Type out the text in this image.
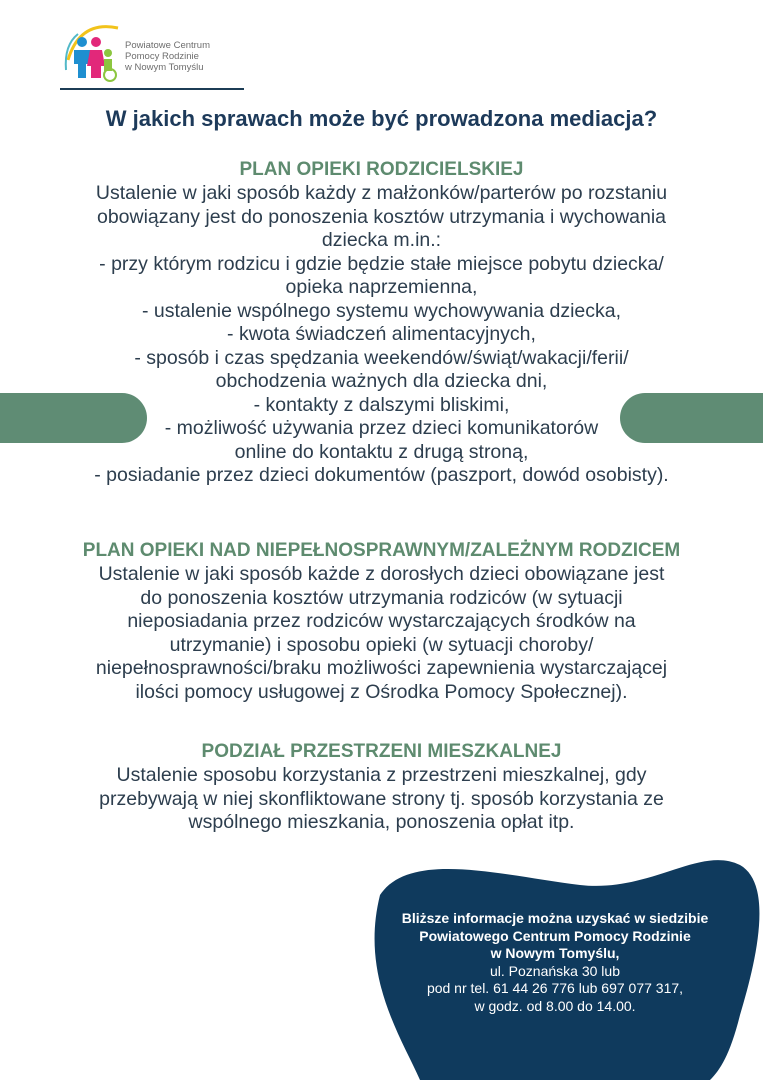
Powiatowe Centrum
Pomocy Rodzinie
w Nowym Tomyślu
W jakich sprawach może być prowadzona mediacja?
PLAN OPIEKI RODZICIELSKIEJ
Ustalenie w jaki sposób każdy z małżonków/parterów po rozstaniu
obowiązany jest do ponoszenia kosztów utrzymania i wychowania
dziecka m.in.:
- przy którym rodzicu i gdzie będzie stałe miejsce pobytu dziecka/
opieka naprzemienna,
- ustalenie wspólnego systemu wychowywania dziecka,
- kwota świadczeń alimentacyjnych,
- sposób i czas spędzania weekendów/świąt/wakacji/ferii/
obchodzenia ważnych dla dziecka dni,
- kontakty z dalszymi bliskimi,
- możliwość używania przez dzieci komunikatorów
online do kontaktu z drugą stroną,
- posiadanie przez dzieci dokumentów (paszport, dowód osobisty).
PLAN OPIEKI NAD NIEPEŁNOSPRAWNYM/ZALEŻNYM RODZICEM
Ustalenie w jaki sposób każde z dorosłych dzieci obowiązane jest
do ponoszenia kosztów utrzymania rodziców (w sytuacji
nieposiadania przez rodziców wystarczających środków na
utrzymanie) i sposobu opieki (w sytuacji choroby/
niepełnosprawności/braku możliwości zapewnienia wystarczającej
ilości pomocy usługowej z Ośrodka Pomocy Społecznej).
PODZIAŁ PRZESTRZENI MIESZKALNEJ
Ustalenie sposobu korzystania z przestrzeni mieszkalnej, gdy
przebywają w niej skonfliktowane strony tj. sposób korzystania ze
wspólnego mieszkania, ponoszenia opłat itp.
Bliższe informacje można uzyskać w siedzibie
Powiatowego Centrum Pomocy Rodzinie
w Nowym Tomyślu,
ul. Poznańska 30 lub
pod nr tel. 61 44 26 776 lub 697 077 317,
w godz. od 8.00 do 14.00.
